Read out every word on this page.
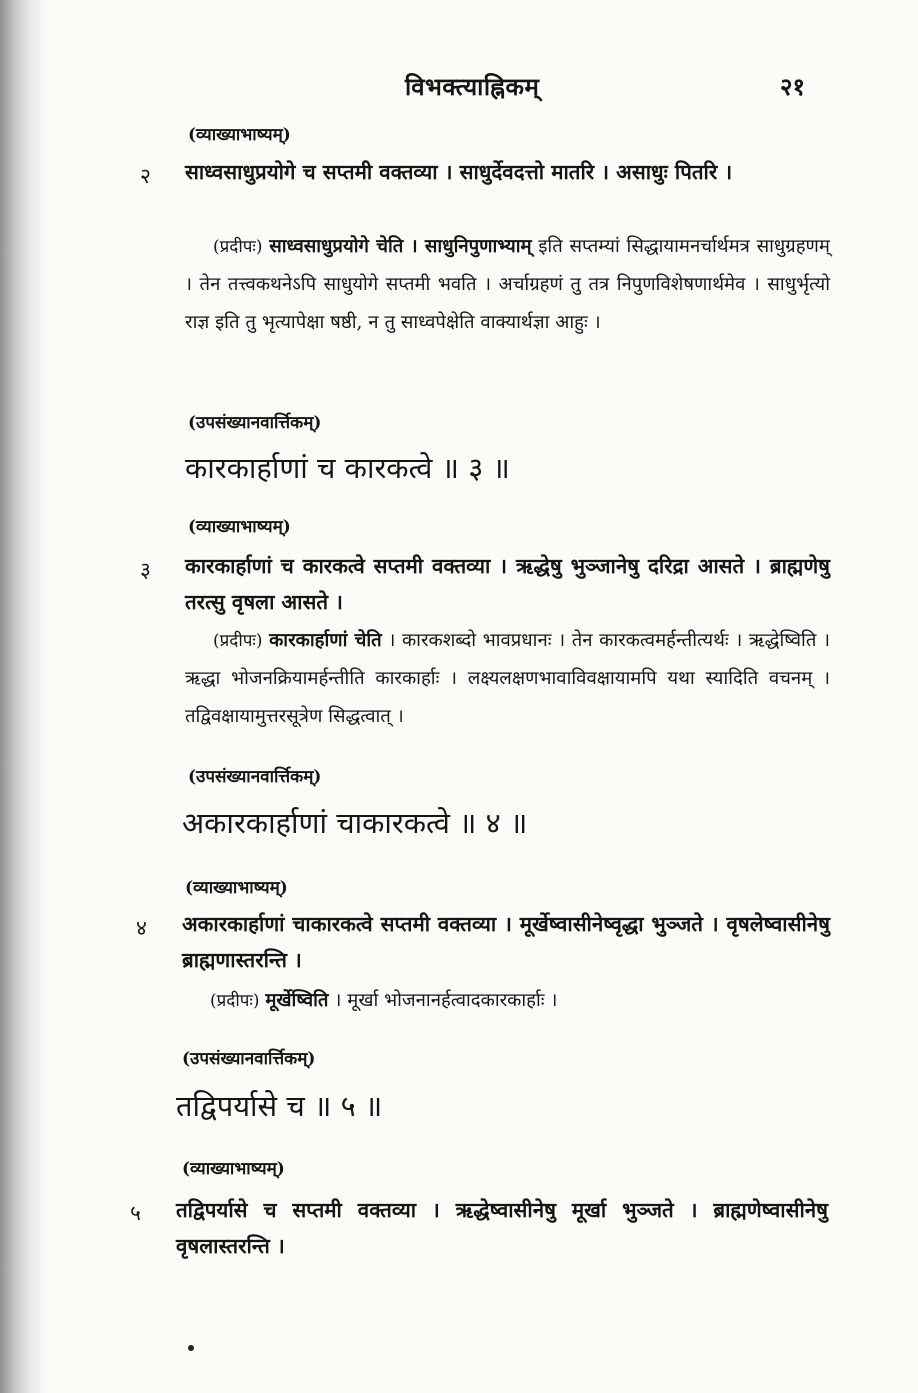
विभक्त्याह्निकम्	२१
(व्याख्याभाष्यम्)
२ साध्वसाधुप्रयोगे च सप्तमी वक्तव्या । साधुर्देवदत्तो मातरि । असाधुः पितरि ।
(प्रदीपः) साध्वसाधुप्रयोगे चेति । साधुनिपुणाभ्याम् इति सप्तम्यां सिद्धायामनर्चार्थमत्र साधुग्रहणम् । तेन तत्त्वकथनेऽपि साधुयोगे सप्तमी भवति । अर्चाग्रहणं तु तत्र निपुणविशेषणार्थमेव । साधुर्भृत्यो राज्ञ इति तु भृत्यापेक्षा षष्ठी, न तु साध्वपेक्षेति वाक्यार्थज्ञा आहुः ।
(उपसंख्यानवार्त्तिकम्)
कारकार्हाणां च कारकत्वे ॥ ३ ॥
(व्याख्याभाष्यम्)
३ कारकार्हाणां च कारकत्वे सप्तमी वक्तव्या । ऋद्धेषु भुञ्जानेषु दरिद्रा आसते । ब्राह्मणेषु तरत्सु वृषला आसते ।
(प्रदीपः) कारकार्हाणां चेति । कारकशब्दो भावप्रधानः । तेन कारकत्वमर्हन्तीत्यर्थः । ऋद्धेष्विति । ऋद्धा भोजनक्रियामर्हन्तीति कारकार्हाः । लक्ष्यलक्षणभावाविवक्षायामपि यथा स्यादिति वचनम् । तद्विवक्षायामुत्तरसूत्रेण सिद्धत्वात् ।
(उपसंख्यानवार्त्तिकम्)
अकारकार्हाणां चाकारकत्वे ॥ ४ ॥
(व्याख्याभाष्यम्)
४ अकारकार्हाणां चाकारकत्वे सप्तमी वक्तव्या । मूर्खेष्वासीनेष्वृद्धा भुञ्जते । वृषलेष्वासीनेषु ब्राह्मणास्तरन्ति ।
(प्रदीपः) मूर्खेष्विति । मूर्खा भोजनानर्हत्वादकारकार्हाः ।
(उपसंख्यानवार्त्तिकम्)
तद्विपर्यासे च ॥ ५ ॥
(व्याख्याभाष्यम्)
५ तद्विपर्यासे च सप्तमी वक्तव्या । ऋद्धेष्वासीनेषु मूर्खा भुञ्जते । ब्राह्मणेष्वासीनेषु वृषलास्तरन्ति ।
